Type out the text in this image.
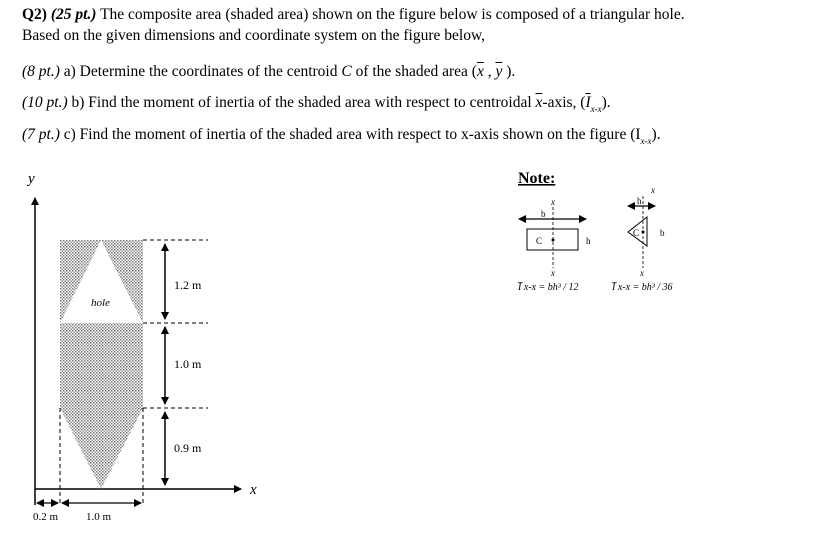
Q2) (25 pt.) The composite area (shaded area) shown on the figure below is composed of a triangular hole.
Based on the given dimensions and coordinate system on the figure below,
(8 pt.) a) Determine the coordinates of the centroid C of the shaded area ($\overline{x}$ , $\overline{y}$ ).
(10 pt.) b) Find the moment of inertia of the shaded area with respect to centroidal $\overline{x}$-axis, $(\overline{I}_{x-x})$.
(7 pt.) c) Find the moment of inertia of the shaded area with respect to x-axis shown on the figure $(I_{x-x})$.
y
x
hole
1.2 m
1.0 m
0.9 m
0.2 m	1.0 m
Note:
b
x
x
C	h
I̅ x-x = bh³ / 12
h
x
x
C b
I̅ x-x = bh³ / 36
